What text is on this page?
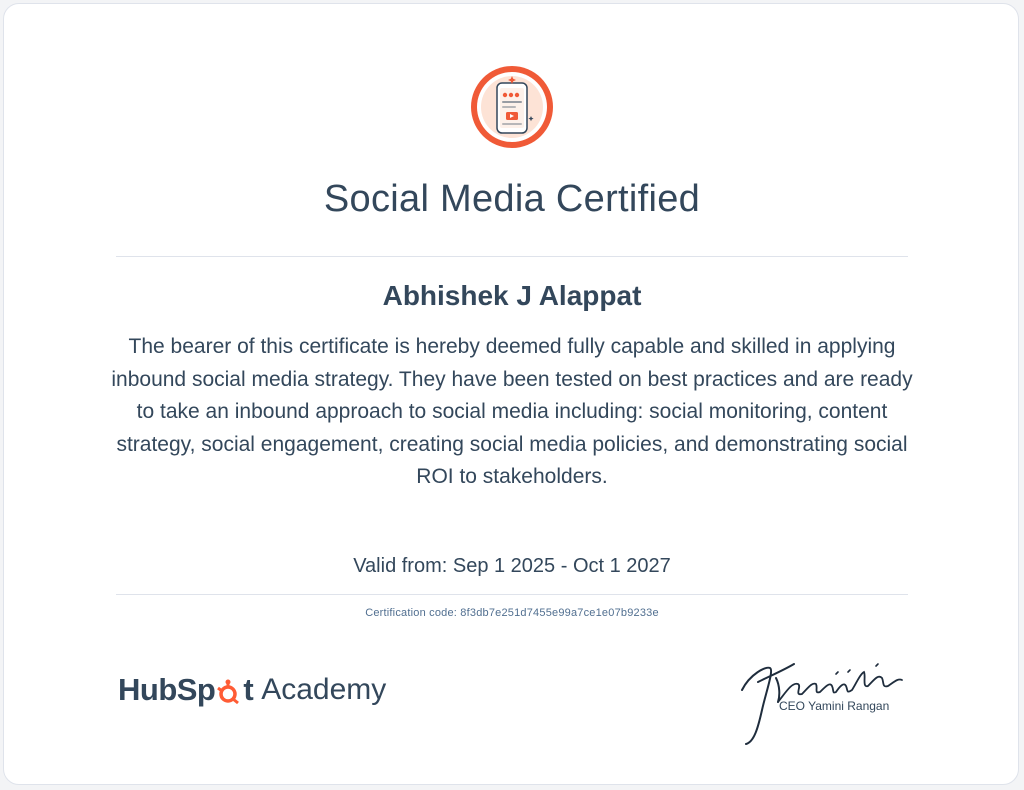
Social Media Certified
Abhishek J Alappat

The bearer of this certificate is hereby deemed fully capable and skilled in applying inbound social media strategy. They have been tested on best practices and are ready to take an inbound approach to social media including: social monitoring, content strategy, social engagement, creating social media policies, and demonstrating social ROI to stakeholders.

Valid from: Sep 1 2025 - Oct 1 2027
Certification code: 8f3db7e251d7455e99a7ce1e07b9233e
HubSp t Academy	CEO Yamini Rangan
